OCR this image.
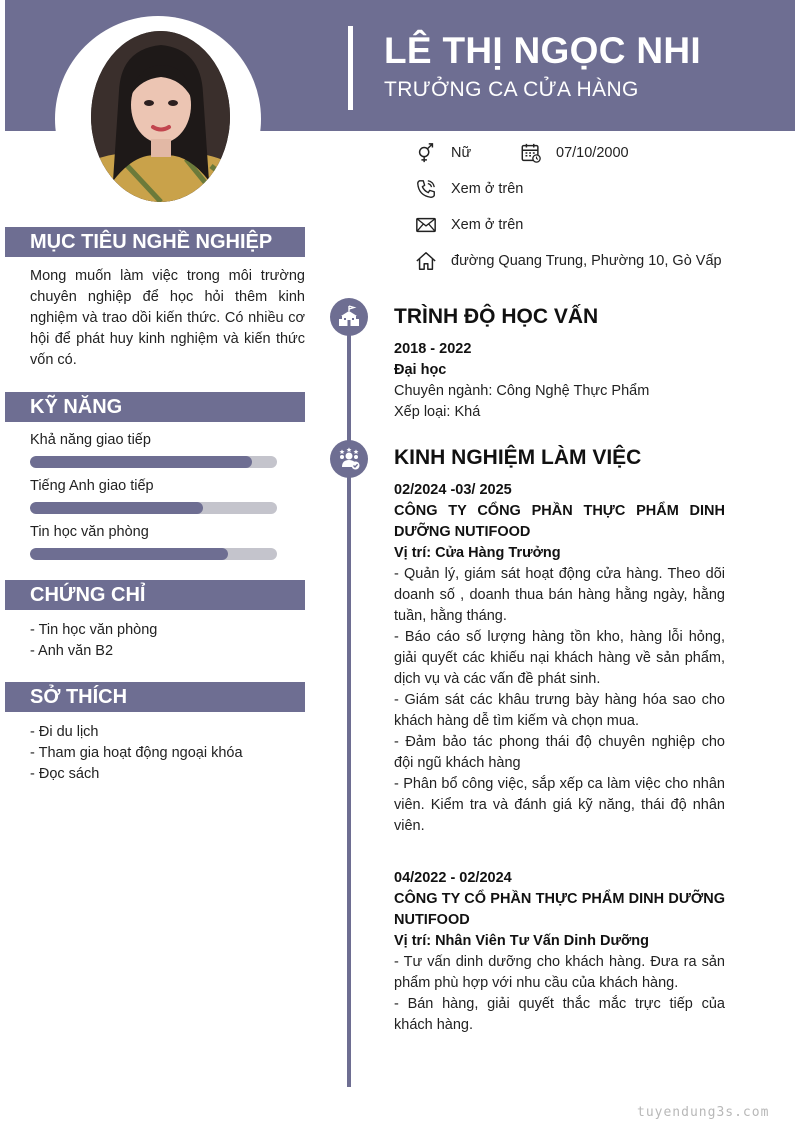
LÊ THỊ NGỌC NHI
TRƯỞNG CA CỬA HÀNG
Nữ	07/10/2000
Xem ở trên
Xem ở trên
đường Quang Trung, Phường 10, Gò Vấp
MỤC TIÊU NGHỀ NGHIỆP
Mong muốn làm việc trong môi trường chuyên nghiệp để học hỏi thêm kinh nghiệm và trao dồi kiến thức. Có nhiều cơ hội để phát huy kinh nghiệm và kiến thức vốn có.
KỸ NĂNG
Khả năng giao tiếp
Tiếng Anh giao tiếp
Tin học văn phòng
CHỨNG CHỈ
- Tin học văn phòng
- Anh văn B2
SỞ THÍCH
- Đi du lịch
- Tham gia hoạt động ngoại khóa
- Đọc sách
TRÌNH ĐỘ HỌC VẤN
2018 - 2022
Đại học
Chuyên ngành: Công Nghệ Thực Phẩm
Xếp loại: Khá
KINH NGHIỆM LÀM VIỆC
02/2024 -03/ 2025
CÔNG TY CỔNG PHẦN THỰC PHẨM DINH DƯỠNG NUTIFOOD
Vị trí: Cửa Hàng Trưởng
- Quản lý, giám sát hoạt động cửa hàng. Theo dõi doanh số , doanh thua bán hàng hằng ngày, hằng tuần, hằng tháng.
- Báo cáo số lượng hàng tồn kho, hàng lỗi hỏng, giải quyết các khiếu nại khách hàng về sản phẩm, dịch vụ và các vấn đề phát sinh.
- Giám sát các khâu trưng bày hàng hóa sao cho khách hàng dễ tìm kiếm và chọn mua.
- Đảm bảo tác phong thái độ chuyên nghiệp cho đội ngũ khách hàng
- Phân bổ công việc, sắp xếp ca làm việc cho nhân viên. Kiểm tra và đánh giá kỹ năng, thái độ nhân viên.
04/2022 - 02/2024
CÔNG TY CỔ PHẦN THỰC PHẨM DINH DƯỠNG NUTIFOOD
Vị trí: Nhân Viên Tư Vấn Dinh Dưỡng
- Tư vấn dinh dưỡng cho khách hàng. Đưa ra sản phẩm phù hợp với nhu cầu của khách hàng.
- Bán hàng, giải quyết thắc mắc trực tiếp của khách hàng.
tuyendung3s.com
